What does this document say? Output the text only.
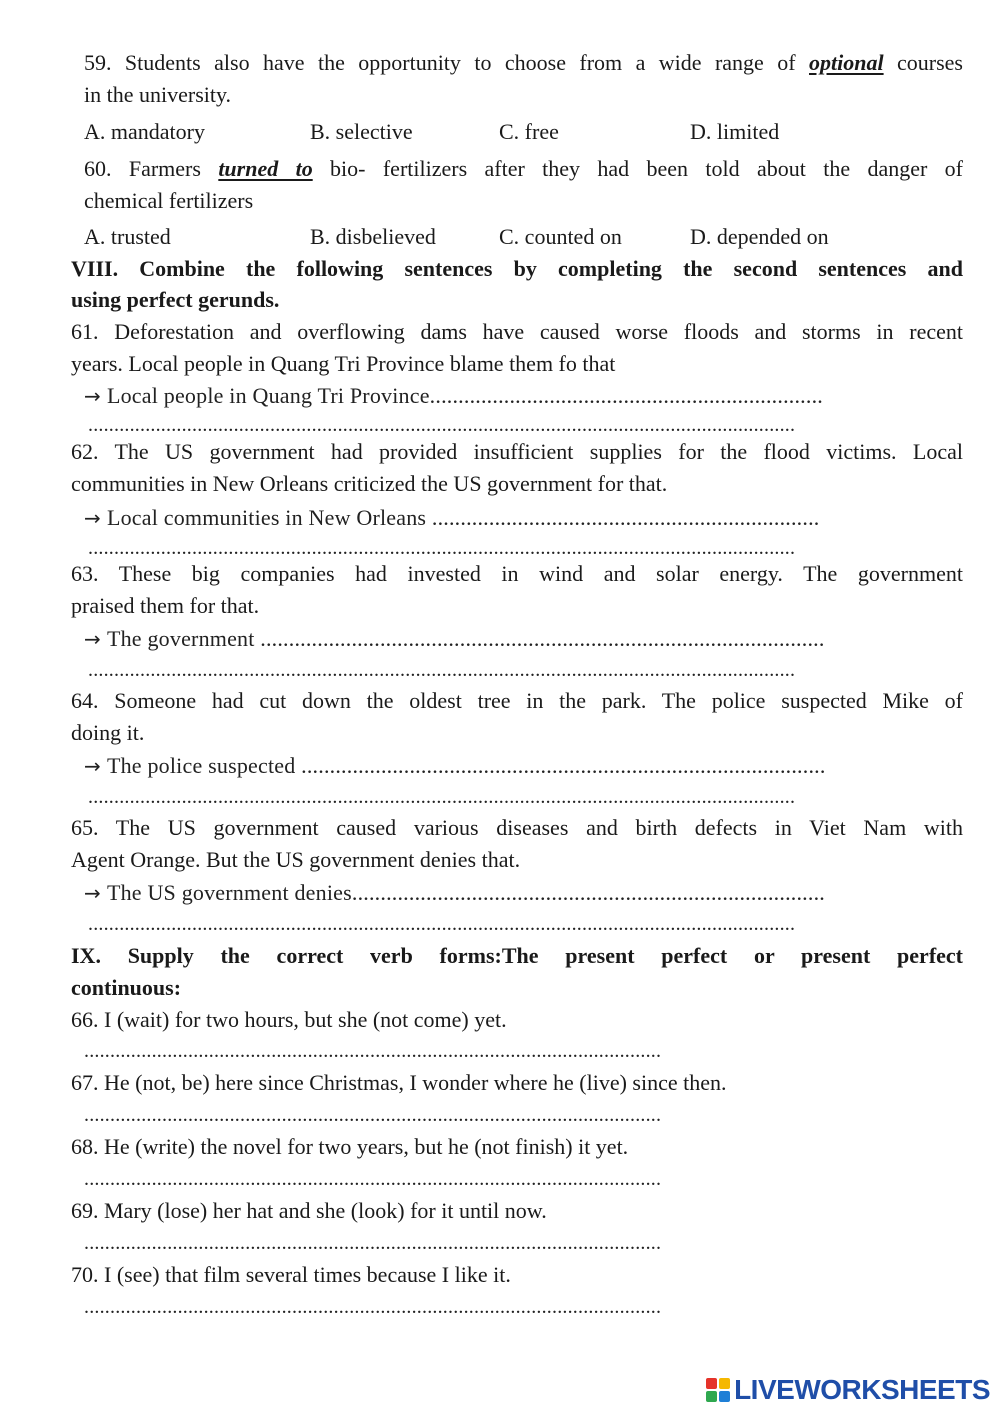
59. Students also have the opportunity to choose from a wide range of optional courses
in the university.
A. mandatory	B. selective	C. free	D. limited
60. Farmers turned to bio- fertilizers after they had been told about the danger of
chemical fertilizers
A. trusted	B. disbelieved	C. counted on	D. depended on
VIII. Combine the following sentences by completing the second sentences and
using perfect gerunds.
61. Deforestation and overflowing dams have caused worse floods and storms in recent
years. Local people in Quang Tri Province blame them fo that
→ Local people in Quang Tri Province.....................................................................
........................................................................................................................................
62. The US government had provided insufficient supplies for the flood victims. Local
communities in New Orleans criticized the US government for that.
→ Local communities in New Orleans ....................................................................
........................................................................................................................................
63. These big companies had invested in wind and solar energy. The government
praised them for that.
→ The government ...................................................................................................
........................................................................................................................................
64. Someone had cut down the oldest tree in the park. The police suspected Mike of
doing it.
→ The police suspected ............................................................................................
........................................................................................................................................
65. The US government caused various diseases and birth defects in Viet Nam with
Agent Orange. But the US government denies that.
→ The US government denies...................................................................................
........................................................................................................................................
IX. Supply the correct verb forms:The present perfect or present perfect
continuous:
66. I (wait) for two hours, but she (not come) yet.
...............................................................................................................
67. He (not, be) here since Christmas, I wonder where he (live) since then.
...............................................................................................................
68. He (write) the novel for two years, but he (not finish) it yet.
...............................................................................................................
69. Mary (lose) her hat and she (look) for it until now.
...............................................................................................................
70. I (see) that film several times because I like it.
...............................................................................................................
LIVEWORKSHEETS
